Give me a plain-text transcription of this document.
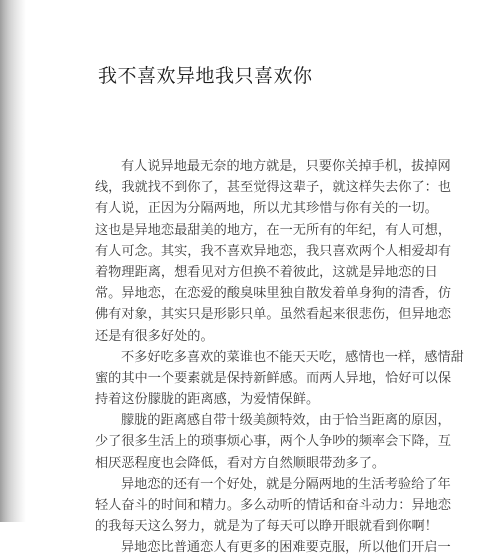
我不喜欢异地我只喜欢你
有人说异地最无奈的地方就是，只要你关掉手机，拔掉网
线，我就找不到你了，甚至觉得这辈子，就这样失去你了：也
有人说，正因为分隔两地，所以尤其珍惜与你有关的一切。
这也是异地恋最甜美的地方，在一无所有的年纪，有人可想，
有人可念。其实，我不喜欢异地恋，我只喜欢两个人相爱却有
着物理距离，想看见对方但换不着彼此，这就是异地恋的日
常。异地恋，在恋爱的酸臭味里独自散发着单身狗的清香，仿
佛有对象，其实只是形影只单。虽然看起来很悲伤，但异地恋
还是有很多好处的。
不多好吃多喜欢的菜谁也不能天天吃，感情也一样，感情甜
蜜的其中一个要素就是保持新鲜感。而两人异地，恰好可以保
持着这份朦胧的距离感，为爱情保鲜。
朦胧的距离感自带十级美颜特效，由于恰当距离的原因，
少了很多生活上的琐事烦心事，两个人争吵的频率会下降，互
相厌恶程度也会降低，看对方自然顺眼带劲多了。
异地恋的还有一个好处，就是分隔两地的生活考验给了年
轻人奋斗的时间和精力。多么动听的情话和奋斗动力：异地恋
的我每天这么努力，就是为了每天可以睁开眼就看到你啊！
异地恋比普通恋人有更多的困难要克服，所以他们开启一
